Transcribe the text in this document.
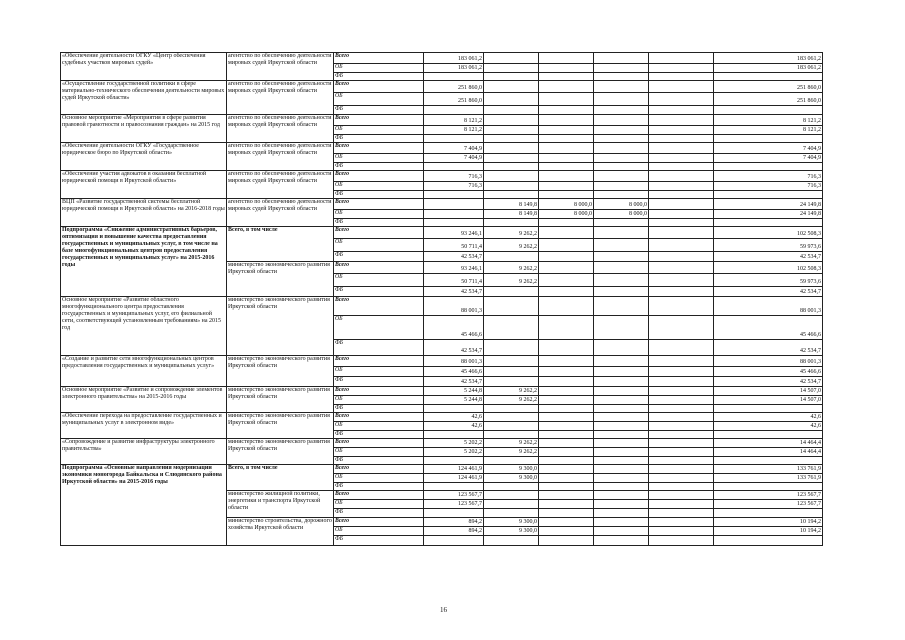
«Обеспечение деятельности ОГКУ «Центр обеспечения судебных участков мировых судей»	агентство по обеспечению деятельности мировых судей Иркутской области	Всего	183 061,2					183 061,2
		ОБ	183 061,2					183 061,2
		ФБ						
«Осуществление государственной политики в сфере материально-технического обеспечения деятельности мировых судей Иркутской области»	агентство по обеспечению деятельности мировых судей Иркутской области	Всего	251 860,0					251 860,0
		ОБ	251 860,0					251 860,0
		ФБ						
Основное мероприятие «Мероприятия в сфере развития правовой грамотности и правосознания граждан» на 2015 год	агентство по обеспечению деятельности мировых судей Иркутской области	Всего	8 121,2					8 121,2
		ОБ	8 121,2					8 121,2
		ФБ						
«Обеспечение деятельности ОГКУ «Государственное юридическое бюро по Иркутской области»	агентство по обеспечению деятельности мировых судей Иркутской области	Всего	7 404,9					7 404,9
		ОБ	7 404,9					7 404,9
		ФБ						
«Обеспечение участия адвокатов в оказании бесплатной юридической помощи в Иркутской области»	агентство по обеспечению деятельности мировых судей Иркутской области	Всего	716,3					716,3
		ОБ	716,3					716,3
		ФБ						
ВЦП «Развитие государственной системы бесплатной юридической помощи в Иркутской области» на 2016-2018 годы	агентство по обеспечению деятельности мировых судей Иркутской области	Всего		8 149,8	8 000,0	8 000,0		24 149,8
		ОБ		8 149,8	8 000,0	8 000,0		24 149,8
		ФБ						
Подпрограмма «Снижение административных барьеров, оптимизация и повышение качества предоставления государственных и муниципальных услуг, в том числе на базе многофункциональных центров предоставления государственных и муниципальных услуг» на 2015-2016 годы	Всего, в том числе	Всего	93 246,1	9 262,2				102 508,3
		ОБ	50 711,4	9 262,2				59 973,6
		ФБ	42 534,7					42 534,7
	министерство экономического развития Иркутской области	Всего	93 246,1	9 262,2				102 508,3
		ОБ	50 711,4	9 262,2				59 973,6
		ФБ	42 534,7					42 534,7
Основное мероприятие «Развитие областного многофункционального центра предоставления государственных и муниципальных услуг, его филиальной сети, соответствующей установленным требованиям» на 2015 год	министерство экономического развития Иркутской области	Всего	88 001,3					88 001,3
		ОБ	45 466,6					45 466,6
		ФБ	42 534,7					42 534,7
«Создание и развитие сети многофункциональных центров предоставления государственных и муниципальных услуг»	министерство экономического развития Иркутской области	Всего	88 001,3					88 001,3
		ОБ	45 466,6					45 466,6
		ФБ	42 534,7					42 534,7
Основное мероприятие «Развитие и сопровождение элементов электронного правительства» на 2015-2016 годы	министерство экономического развития Иркутской области	Всего	5 244,8	9 262,2				14 507,0
		ОБ	5 244,8	9 262,2				14 507,0
		ФБ						
«Обеспечение перехода на предоставление государственных и муниципальных услуг в электронном виде»	министерство экономического развития Иркутской области	Всего	42,6					42,6
		ОБ	42,6					42,6
		ФБ						
«Сопровождение и развитие инфраструктуры электронного правительства»	министерство экономического развития Иркутской области	Всего	5 202,2	9 262,2				14 464,4
		ОБ	5 202,2	9 262,2				14 464,4
		ФБ						
Подпрограмма «Основные направления модернизации экономики моногорода Байкальска и Слюдянского района Иркутской области» на 2015-2016 годы	Всего, в том числе	Всего	124 461,9	9 300,0				133 761,9
		ОБ	124 461,9	9 300,0				133 761,9
		ФБ						
	министерство жилищной политики, энергетики и транспорта Иркутской области	Всего	123 567,7					123 567,7
		ОБ	123 567,7					123 567,7
		ФБ						
	министерство строительства, дорожного хозяйства Иркутской области	Всего	894,2	9 300,0				10 194,2
		ОБ	894,2	9 300,0				10 194,2
		ФБ						
16
